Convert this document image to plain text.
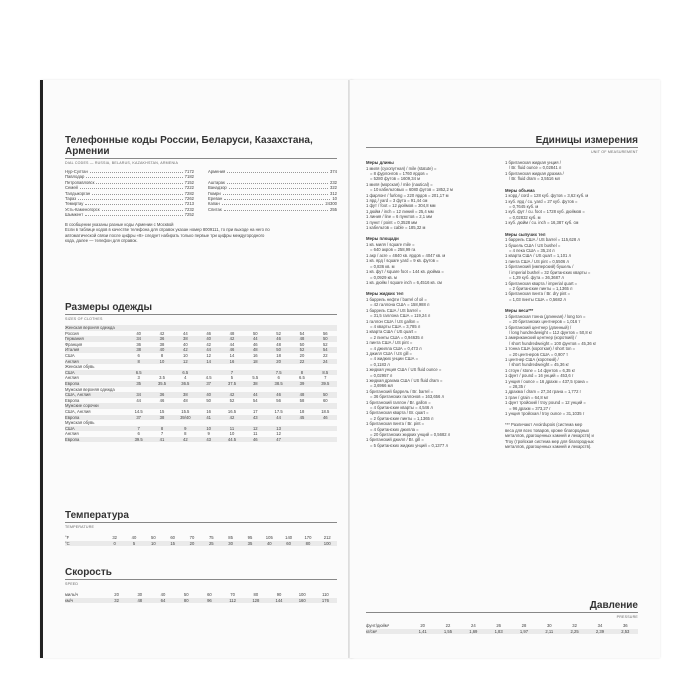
Телефонные коды России, Беларуси, Казахстана, Армении
DIAL CODES — RUSSIA, BELARUS, KAZAKHSTAN, ARMENIA
Нур-Султан	7172
Павлодар	7182
Петропавловск	7152
Семей	7222
Талдыкорган	7282
Тараз	7262
Темиртау	7213
Усть-Каменогорск	7232
Шымкент	7252
Армения	374

Аштарак	232
Ванадзор	322
Гюмри	312
Ереван	10
Капан	24300
Спитак	255

В сообщении указаны разные коды Армении с Москвой
Если в таблице кодов в качестве телефона для справок указан номер 8009111, то при выходе на него по
автоматической связи после цифры «8» следует набирать только первые три цифры междугородного
кода, далее — телефон для справок.
Размеры одежды
SIZES OF CLOTHES
Женская верхняя одежда
Россия	40	42	44	46	48	50	52	54	56
Германия	34	36	38	40	42	44	46	48	50
Франция	36	38	40	42	44	46	48	50	52
Италия	38	40	42	44	46	48	50	52	54
США	6	8	10	12	14	16	18	20	22
Англия	8	10	12	14	16	18	20	22	24
Женская обувь
США	6.5	6.5	7	7.5	8	8.5
Англия	3	3.5	4	4.5	5	5.5	6	6.5	7
Европа	35	35.5	36.5	37	37.5	38	38.5	39	39.5
Мужская верхняя одежда
США, Англия	34	36	38	40	42	44	46	48	50
Европа	44	46	48	50	52	54	56	58	60
Мужские сорочки
США, Англия	14.5	15	15.5	16	16.5	17	17.5	18	18.5
Европа	37	38	39/40	41	42	43	44	45	46
Мужская обувь
США	7	8	9	10	11	12	13
Англия	6	7	8	9	10	11	12
Европа	39.5	41	42	43	44.5	46	47
Температура
TEMPERATURE
°F	32	40	50	60	70	75	85	95	105	140	170	212
°C	0	5	10	15	20	25	30	35	40	60	80	100
Скорость
SPEED
миль/ч	20	30	40	50	60	70	80	90	100	110
км/ч	32	48	64	80	96	112	128	144	160	176
Единицы измерения
UNIT OF MEASUREMENT
Меры длины
1 миля (сухопутная) / mile (statute) =
= 8 фурлонгов = 1760 ярдов =
= 5280 футов = 1609,34 м
1 миля (морская) / mile (nautical) =
= 10 кабельтовых = 6080 футов = 1852,2 м
1 фарлонг / furlong = 220 ярдов = 201,17 м
1 ярд / yard = 3 фута = 91,44 см
1 фут / foot = 12 дюймов = 304,8 мм
1 дюйм / inch = 12 линий = 25,4 мм
1 линия / line = 6 пунктов = 2,1 мм
1 пункт / point = 0,3528 мм
1 кабельтов = cable = 185,32 м
Меры площади
1 кв. миля / square mile =
= 640 акров = 258,99 га
1 акр / acre = 4840 кв. ярдов = 4047 кв. м
1 кв. ярд / square yard = 9 кв. футов =
= 0,836 кв. м
1 кв. фут / square foot = 144 кв. дюйма =
= 0,0929 кв. м
1 кв. дюйм / square inch = 6,4516 кв. см
Меры жидких тел
1 баррель нефти / barrel of oil =
= 42 галлона США = 158,988 л
1 баррель США / US barrel =
= 31,5 галлона США = 119,24 л
1 галлон США / US gallon =
= 4 кварты США = 3,785 л
1 кварта США / US quart =
= 2 пинты США = 0,94635 л
1 пинта США / US pint =
= 4 джилла США = 0,473 л
1 джилл США / US gill =
= 4 жидких унции США =
= 0,1183 л
1 жидкая унция США / US fluid ounce =
= 0,02957 л
1 жидкая драхма США / US fluid dram =
= 3,6966 мл
1 британский баррель / Br. barrel =
= 36 британских галлонов = 163,656 л
1 британский галлон / Br. gallon =
= 4 британские кварты = 4,546 л
1 британская кварта / Br. quart =
= 2 британские пинты = 1,1365 л
1 британская пинта / Br. pint =
= 4 британских джилла =
= 20 британских жидких унций = 0,5682 л
1 британский джилл / Br. gill =
= 5 британских жидких унций = 0,1377 л
1 британская жидкая унция /
/ Br. fluid ounce = 0,02841 л
1 британская жидкая драхма /
/ Br. fluid dram = 3,5516 мл
Меры объема
1 корд / cord = 128 куб. футов = 3,62 куб. м
1 куб. ярд / cu. yard = 27 куб. футов =
= 0,7645 куб. м
1 куб. фут / cu. foot = 1728 куб. дюймов =
= 0,02832 куб. м
1 куб. дюйм / cu. inch = 16,387 куб. см
Меры сыпучих тел
1 баррель США / US barrel = 115,628 л
1 бушель США / US bushel =
= 4 пека США = 35,24 л
1 кварта США / US quart = 1,101 л
1 пинта США / US pint = 0,5506 л
1 британский (имперский) бушель /
/ imperial bushel = 32 британских кварты =
= 1,29 куб. фута = 36,3687 л
1 британская кварта / imperial quart =
= 2 британские пинты = 1,1365 л
1 британская пинта / Br. dry pint =
= 1,03 пинты США = 0,5682 л
Меры веса***
1 британская тонна (длинная) / long ton =
= 20 британских центнеров = 1,016 т
1 британский центнер (длинный) /
/ long hundredweight = 112 фунтов = 50,8 кг
1 американский центнер (короткий) /
/ short hundredweight = 100 фунтов = 45,36 кг
1 тонна США (короткая) / short ton =
= 20 центнеров США = 0,907 т
1 центнер США (короткий) /
/ short hundredweight = 45,36 кг
1 стоун / stone = 14 фунтов = 6,35 кг
1 фунт / pound = 16 унций = 453,6 г
1 унция / ounce = 16 драхм = 437,5 грана =
= 28,35 г
1 драхма / dram = 27,34 грана = 1,772 г
1 гран / grain = 64,8 мг
1 фунт тройский / troy pound = 12 унций =
= 96 драхм = 373,27 г
1 унция тройская / troy ounce = 31,1035 г
*** Различают Avoirdupois (система мер
веса для всех товаров, кроме благородных
металлов, драгоценных камней и лекарств) и
Troy (тройская система мер для благородных
металлов, драгоценных камней и лекарств).
Давление
PRESSURE
фунт/дюйм²	20	22	24	26	28	30	32	34	36
кг/см²	1,41	1,55	1,69	1,83	1,97	2,11	2,25	2,39	2,53
